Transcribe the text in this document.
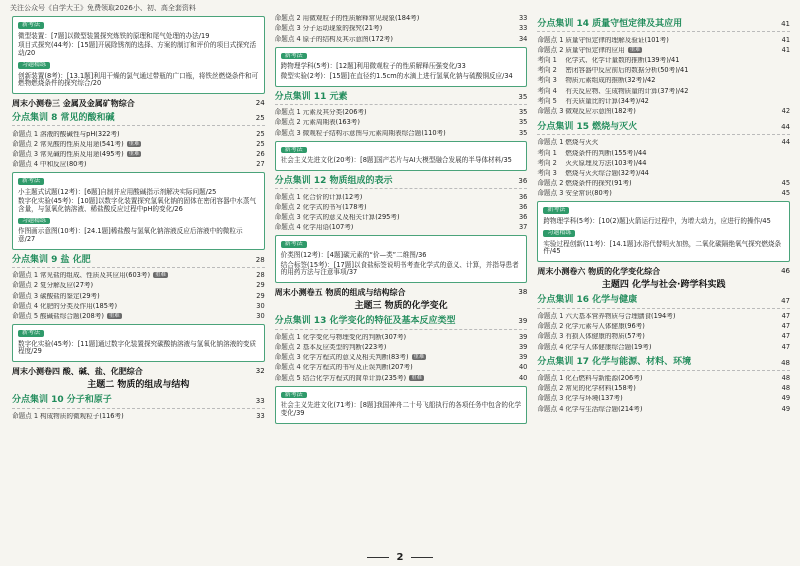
关注公众号《自学大王》免费领取2026小、初、高全套资料
新考法
微型装置：[7题]以微型装置探究炼铁的原理和尾气处理的办法/19
项目式探究(44考)：[15题]开展除锈剂的选择、方案的制订和评价的项目式探究活动/20
习题精练
创新装置(8考)：[13.1题]利用干燥的氯气通过带瓶的广口瓶，将铁丝燃烧条件和可燃物燃烧条件的探究综合/20
周末小测卷三 金属及金属矿物综合	24
分点集训 8 常见的酸和碱	25
命题点 1 溶液的酸碱性与pH(322考)	25
命题点 2 常见酸的性质及用途(541考) 重难	25
命题点 3 常见碱的性质及用途(495考) 重难	26
命题点 4 中和反应(80考)	27
新考法
小主题式试题(12考)：[6题]自制并应用酸碱指示剂解决实际问题/25
数字化实验(45考)：[10题]以数字化装置探究氢氧化钠的固体在密闭容器中水蒸气含量，与氢氧化钠溶液、稀盐酸反应过程中pH的变化/26
习题精练
作图画示意图(10考)：[24.1题]稀盐酸与氢氧化钠溶液反应后溶液中的微粒示意/27
分点集训 9 盐 化肥	28
命题点 1 常见盐的组成、性质及其应用(603考) 重难	28
命题点 2 复分解反应(27考)	29
命题点 3 碳酸盐的鉴定(29考)	29
命题点 4 化肥的分类及作用(185考)	30
命题点 5 酸碱盐综合题(208考) 重难	30
新考法
数字化实验(45考)：[11题]通过数字化装置探究碳酸钠溶液与氢氧化钠溶液的变质程度/29
周末小测卷四 酸、碱、盐、化肥综合	32
主题二 物质的组成与结构
分点集训 10 分子和原子	33
命题点 1 构成物质的微观粒子(116考)	33
命题点 2 用微观粒子的性质解释常见现象(184考)	33
命题点 3 分子运动现象的探究(21考)	33
命题点 4 原子的结构及其示意图(172考)	34
新考法
跨物理学科(5考)：[12题]利用微观粒子的性质解释压强变化/33
微型实验(2考)：[15题]在直径约1.5cm的水滴上进行氢氧化钠与硫酸铜反应/34
分点集训 11 元素	35
命题点 1 元素及其分类(206考)	35
命题点 2 元素周期表(163考)	35
命题点 3 微观粒子结构示意图与元素周期表综合题(110考)	35
新考法
社会主义先进文化(20考)：[8题]国产芯片与AI大模型融合发展的半导体材料/35
分点集训 12 物质组成的表示	36
命题点 1 化合价的计算(12考)	36
命题点 2 化学式的书写(178考)	36
命题点 3 化学式的意义及相关计算(295考)	36
命题点 4 化学用语(107考)	37
新考法
价类图(12考)：[4题]碳元素的“价—类”二维图/36
结合标签(15考)：[17题]以食盐标签说明书考查化学式的意义、计算，并指导患者的用药方法与注意事项/37
周末小测卷五 物质的组成与结构综合	38
主题三 物质的化学变化
分点集训 13 化学变化的特征及基本反应类型	39
命题点 1 化学变化与物理变化的判断(307考)	39
命题点 2 基本反应类型的判断(223考)	39
命题点 3 化学方程式的意义及相关判断(83考) 重难	39
命题点 4 化学方程式的书写及正误判断(207考)	40
命题点 5 结合化学方程式的简单计算(235考) 重难	40
新考法
社会主义先进文化(71考)：[8题]我国神舟二十号飞船执行的各项任务中包含的化学变化/39
分点集训 14 质量守恒定律及其应用	41
命题点 1 质量守恒定律的理解及验证(101考)	41
命题点 2 质量守恒定律的应用 重难	41
考向 1	化学式、化学计量数的推断(139考)/41
考向 2	密闭容器中反应前后的数据分析(50考)/41
考向 3	物质元素组成的推断(32考)/42
考向 4	有关反应物、生成物质量的计算(37考)/42
考向 5	有关质量比的计算(34考)/42
命题点 3 微观反应示意图(182考)	42
分点集训 15 燃烧与灭火	44
命题点 1 燃烧与灭火	44
考向 1	燃烧条件的判断(155考)/44
考向 2	灭火原理及方法(103考)/44
考向 3	燃烧与灭火综合题(32考)/44
命题点 2 燃烧条件的探究(91考)	45
命题点 3 安全常识(80考)	45
新考法
跨物理学科(5考)：[10(2)题]火箭运行过程中，为增大动力，应进行的操作/45
习题精练
实验过程创新(11考)：[14.1题]水浴代替明火加热，二氧化碳隔绝氧气探究燃烧条件/45
周末小测卷六 物质的化学变化综合	46
主题四 化学与社会·跨学科实践
分点集训 16 化学与健康	47
命题点 1 六大基本营养物质与合理膳食(194考)	47
命题点 2 化学元素与人体健康(96考)	47
命题点 3 有损人体健康的物质(57考)	47
命题点 4 化学与人体健康综合题(19考)	47
分点集训 17 化学与能源、材料、环境	48
命题点 1 化石燃料与新能源(206考)	48
命题点 2 常见的化学材料(158考)	48
命题点 3 化学与环境(137考)	49
命题点 4 化学与生活综合题(214考)	49
2
